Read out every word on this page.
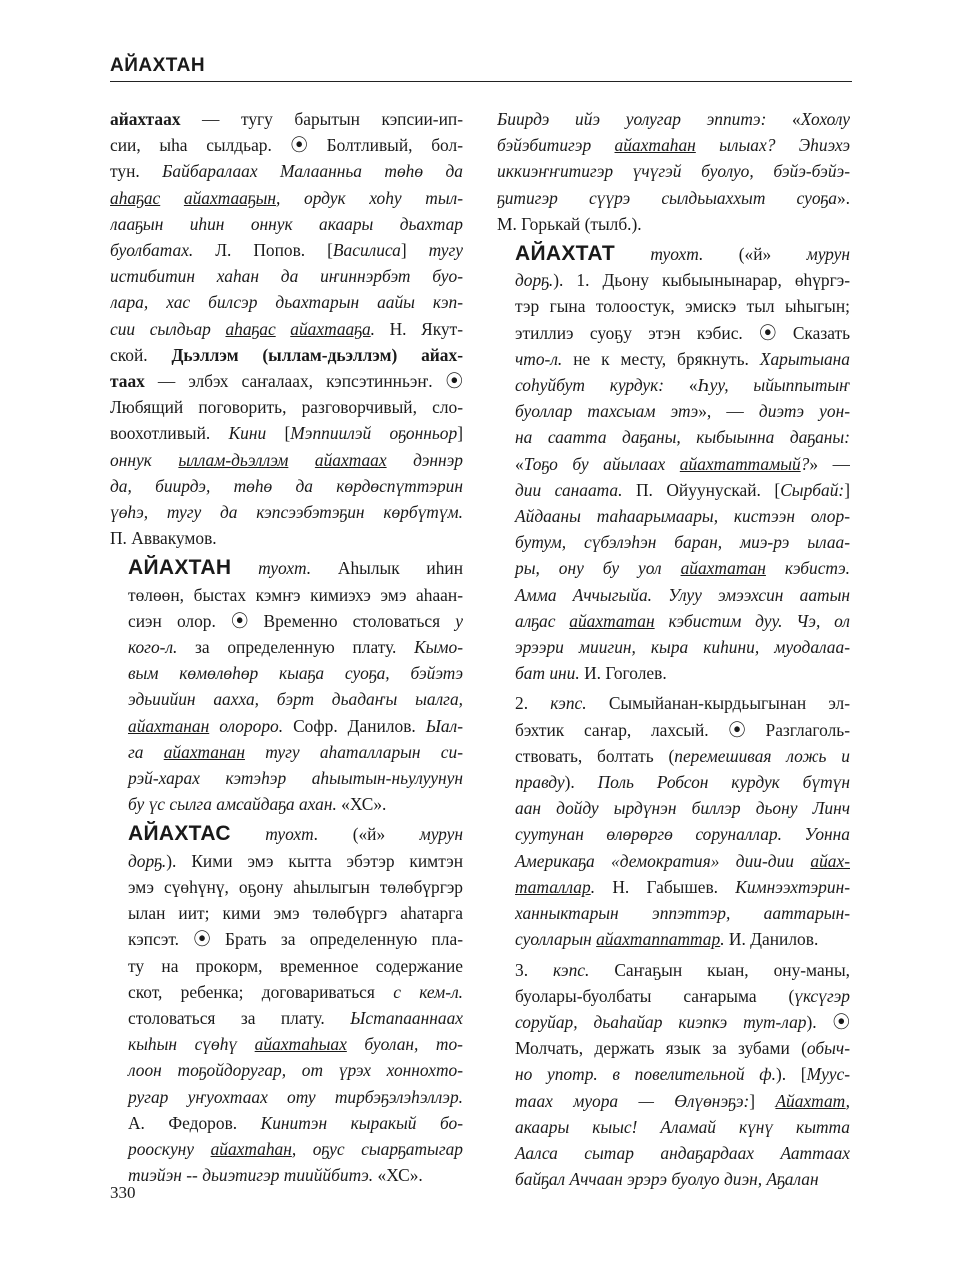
АЙАХТАН

айахтаах — тугу барытын кэпсии-ип-
сии, ыhа сылдьар. ⦿ Болтливый, бол-
тун. Байбаралаах Малаанньа төһө да
аhаҕас айахтааҕын, ордук хоһу тыл-
лааҕын иhин оннук акаары дьахтар
буолбатах. Л. Попов. [Василиса] тугу
истибитин хаhан да иҥиннэрбэт буо-
лара, хас билсэр дьахтарын аайы кэп-
сии сылдьар аhаҕас айахтааҕа. Н. Якут-
ской. Дьэллэм (ыллам-дьэллэм) айах-
таах — элбэх саҥалаах, кэпсэтинньэҥ. ⦿
Любящий поговорить, разговорчивый, сло-
воохотливый. Кини [Мэппиилэй оҕонньор]
оннук ыллам-дьэллэм айахтаах дэннэр
да, биирдэ, төһө да көрдөспүттэрин
үөhэ, тугу да кэпсээбэтэҕин көрбүтүм.
П. Аввакумов.

АЙАХТАН туохт. Аhылык иhин
төлөөн, быстах кэмҥэ кимиэхэ эмэ аhаан-
сиэн олор. ⦿ Временно столоваться у
кого-л. за определенную плату. Кымо-
вым көмөлөһөр кыаҕа суоҕа, бэйэтэ
эдьиийин аахха, бэрт дьадаҥы ыалга,
айахтанан олороро. Софр. Данилов. Ыал-
га айахтанан тугу аhаталларын си-
рэй-харах кэтэһэр аhыытын-ньулуунун
бу үс сылга амсайдаҕа ахан. «ХС».

АЙАХТАС туохт. («й» мурун
дорҕ.). Кими эмэ кытта эбэтэр кимтэн
эмэ сүөhүнү, оҕону аhылыгын төлөбүргэр
ылан иит; кими эмэ төлөбүргэ аhатарга
кэпсэт. ⦿ Брать за определенную пла-
ту на прокорм, временное содержание
скот, ребенка; договариваться с кем-л.
столоваться за плату. Ыстапааннаах
кыһын сүөһү айахтаhыах буолан, то-
лоон тоҕойдоругар, от үрэх хоннохто-
ругар уҥуохтаах оту тирбэҕэлэhэллэр.
А. Федоров. Кинитэн кыракый бо-
рооскуну айахтаhан, оҕус сыарҕатыгар
тиэйэн -- дьиэтигэр тииййбитэ. «ХС».

Биирдэ ийэ уолугар эппитэ: «Хохолу
бэйэбитигэр айахтаhан ылыах? Эhиэхэ
иккиэҥҥитигэр үчүгэй буолуо, бэйэ-бэйэ-
ҕитигэр сүүрэ сылдьыаххыт суоҕа».
М. Горькай (тылб.).

АЙАХТАТ туохт. («й» мурун
дорҕ.). 1. Дьону кыбыынынарар, өһүргэ-
тэр гына толоостук, эмискэ тыл ыhыгын;
этиллиэ суоҕу этэн кэбис. ⦿ Сказать
что-л. не к месту, брякнуть. Харытыана
соhуйбут курдук: «Һуу, ыйыппытыҥ
буоллар тахсыам этэ», — диэтэ уон-
на саатта даҕаны, кыбыынна даҕаны:
«Тоҕо бу айылаах айахтаттамый?» —
дии санаата. П. Ойуунускай. [Сырбай:]
Айдааны таhаарымаары, кистээн олор-
бутум, сүбэлэhэн баран, миэ-рэ ылаа-
ры, ону бу уол айахтатан кэбистэ.
Амма Аччыгыйа. Улуу эмээхсин аатын
алҕас айахтатан кэбистим дуу. Чэ, ол
эрээри миигин, кыра киhини, муодалаа-
бат ини. И. Гоголев.

2. кэпс. Сымыйанан-кырдьыгынан эл-
бэхтик саҥар, лахсый. ⦿ Разглаголь-
ствовать, болтать (перемешивая ложь и
правду). Поль Робсон курдук бүтүн
аан дойду ырдүнэн биллэр дьону Линч
суутунан өлөрөргө соруналлар. Уонна
Америкаҕа «демократия» дии-дии айах-
таталлар. Н. Габышев. Кимнээхтэрин-
ханныктарын эппэттэр, ааттарын-
суолларын айахтаппаттар. И. Данилов.

3. кэпс. Саҥаҕын кыан, ону-маны,
буолары-буолбаты саҥарыма (үксүгэр
соруйар, дьаhайар киэпкэ тут-лар). ⦿
Молчать, держать язык за зубами (обыч-
но употр. в повелительной ф.). [Муус-
таах муора — Өлүөнэҕэ:] Айахтат,
акаары кыыс! Аламай күнү кытта
Аалса сытар андаҕардаах Ааттаах
байҕал Аччаан эрэрэ буолуо диэн, Аҕалан

330
